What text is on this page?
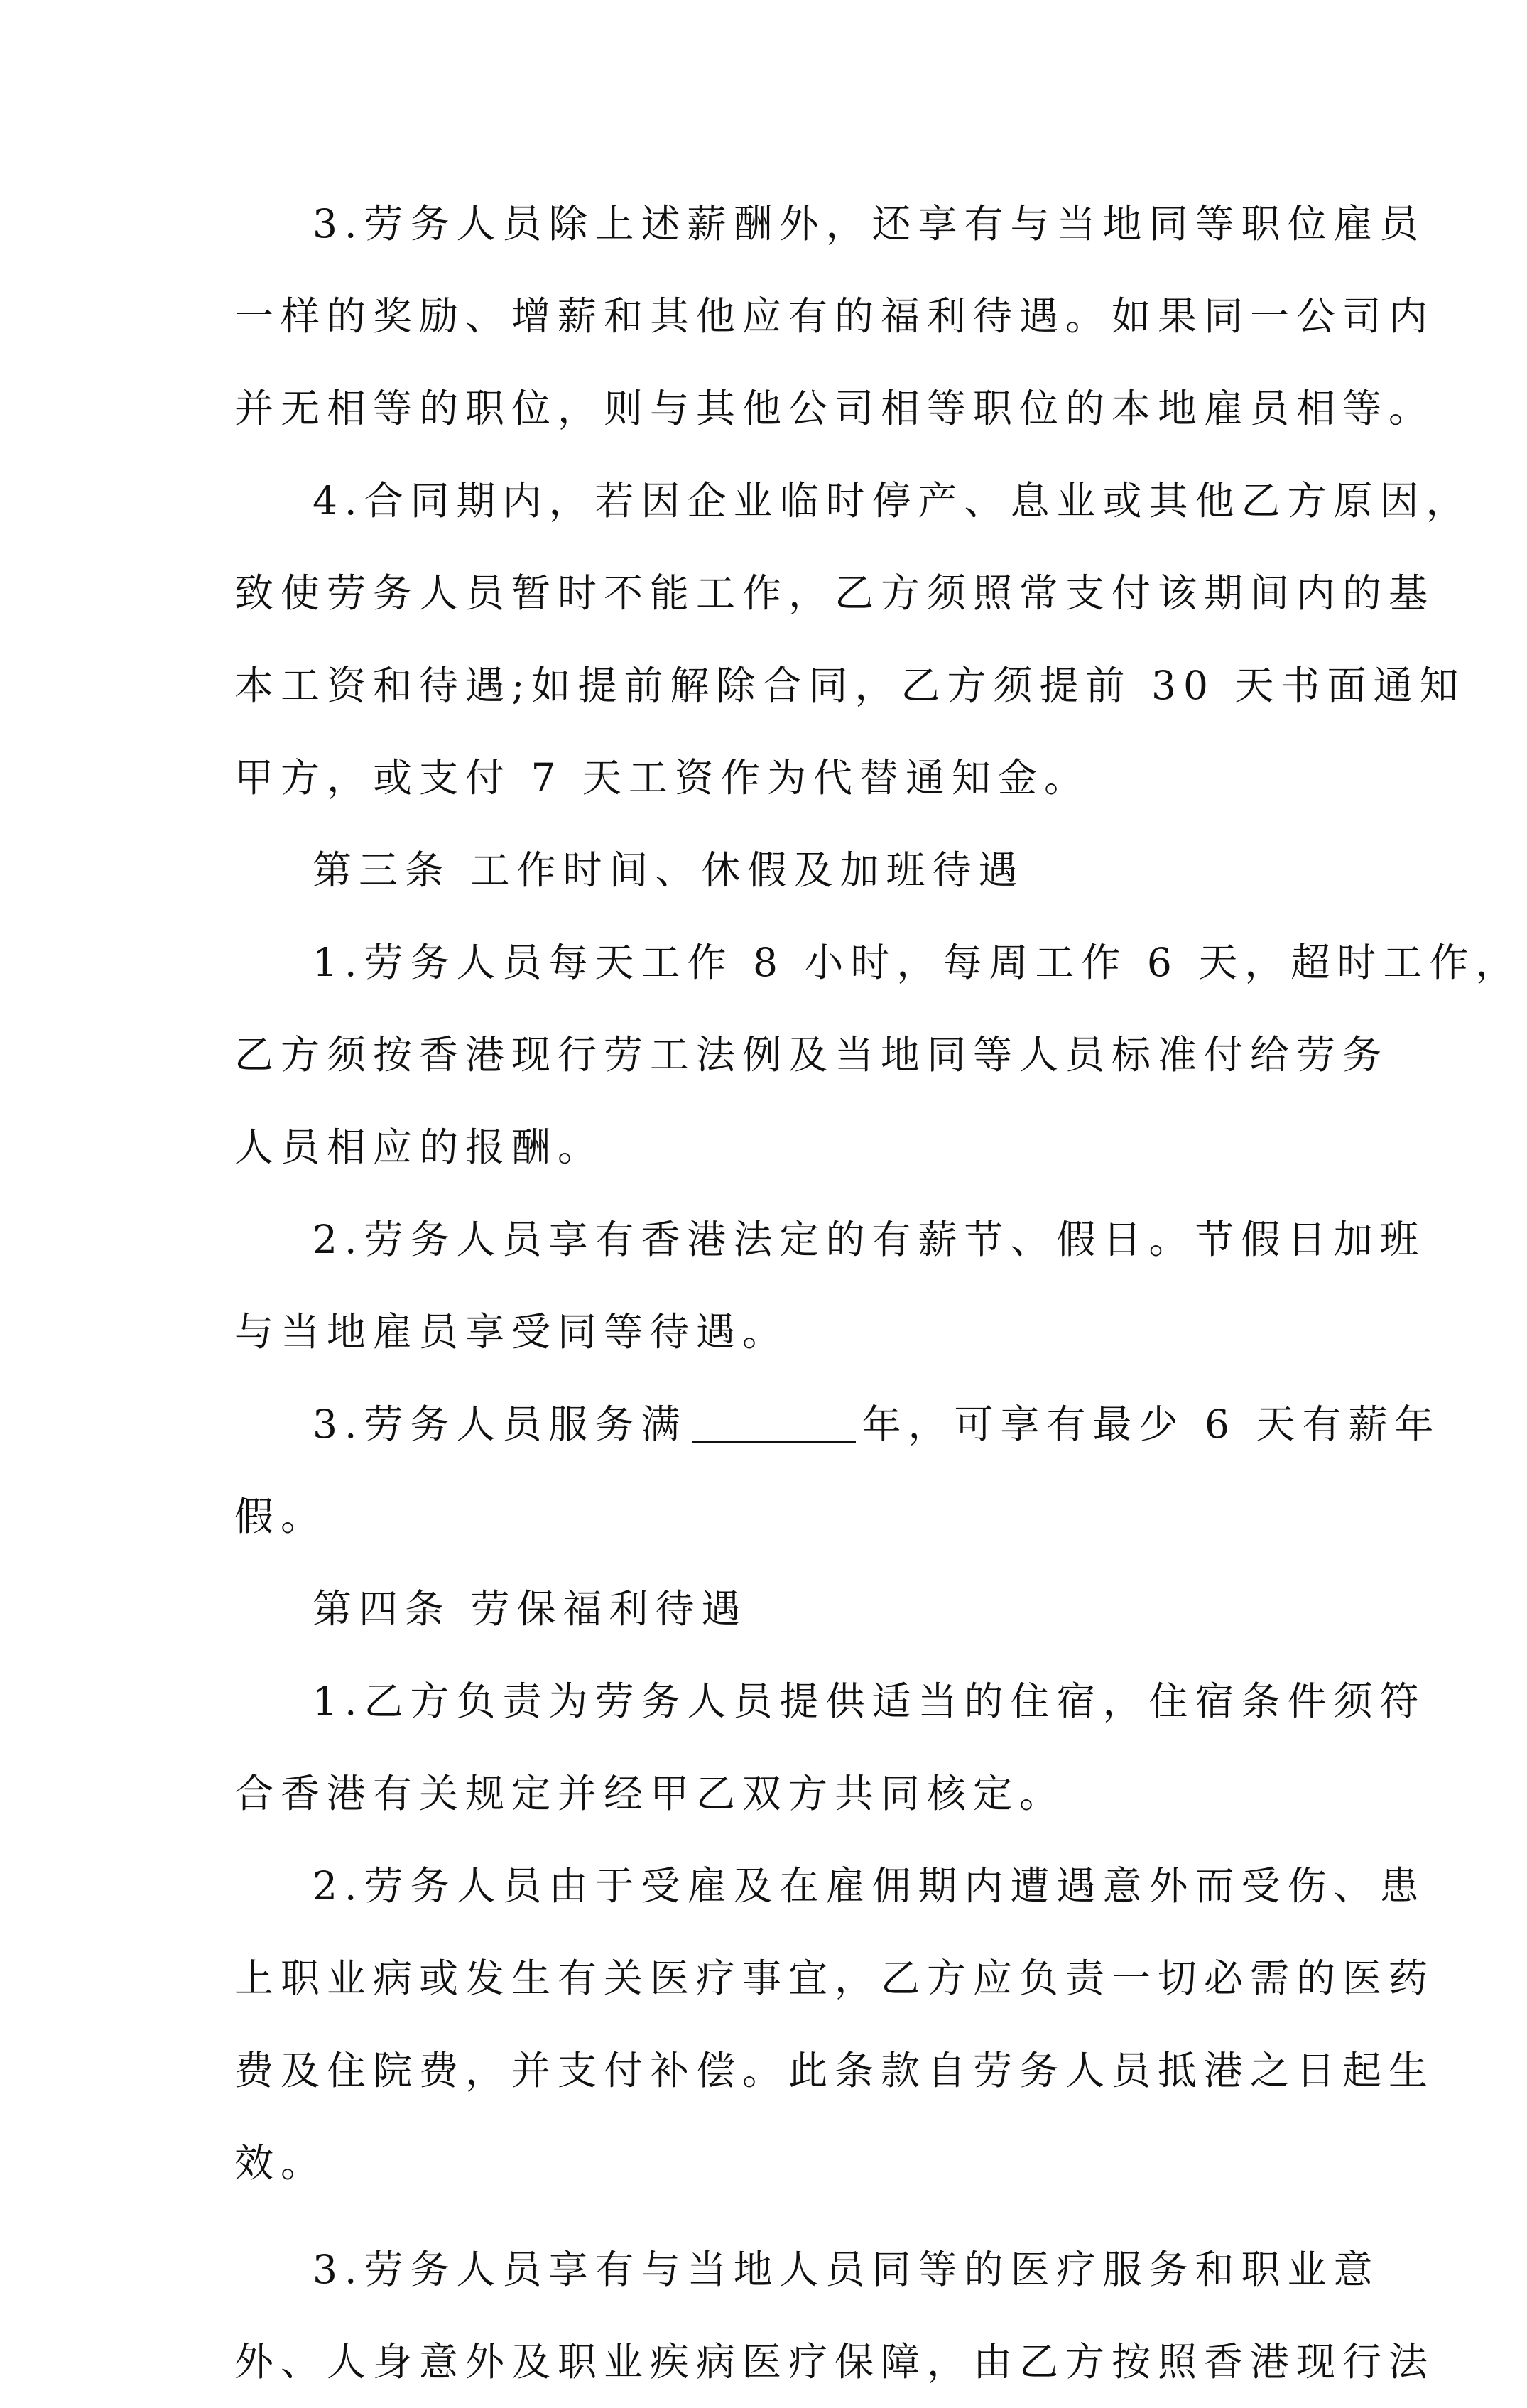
3.劳务人员除上述薪酬外，还享有与当地同等职位雇员
一样的奖励、增薪和其他应有的福利待遇。如果同一公司内
并无相等的职位，则与其他公司相等职位的本地雇员相等。
4.合同期内，若因企业临时停产、息业或其他乙方原因，
致使劳务人员暂时不能工作，乙方须照常支付该期间内的基
本工资和待遇;如提前解除合同，乙方须提前 30 天书面通知
甲方，或支付 7 天工资作为代替通知金。
第三条 工作时间、休假及加班待遇
1.劳务人员每天工作 8 小时，每周工作 6 天，超时工作，
乙方须按香港现行劳工法例及当地同等人员标准付给劳务
人员相应的报酬。
2.劳务人员享有香港法定的有薪节、假日。节假日加班
与当地雇员享受同等待遇。
3.劳务人员服务满	年，可享有最少 6 天有薪年
假。
第四条 劳保福利待遇
1.乙方负责为劳务人员提供适当的住宿，住宿条件须符
合香港有关规定并经甲乙双方共同核定。
2.劳务人员由于受雇及在雇佣期内遭遇意外而受伤、患
上职业病或发生有关医疗事宜，乙方应负责一切必需的医药
费及住院费，并支付补偿。此条款自劳务人员抵港之日起生
效。
3.劳务人员享有与当地人员同等的医疗服务和职业意
外、人身意外及职业疾病医疗保障，由乙方按照香港现行法
